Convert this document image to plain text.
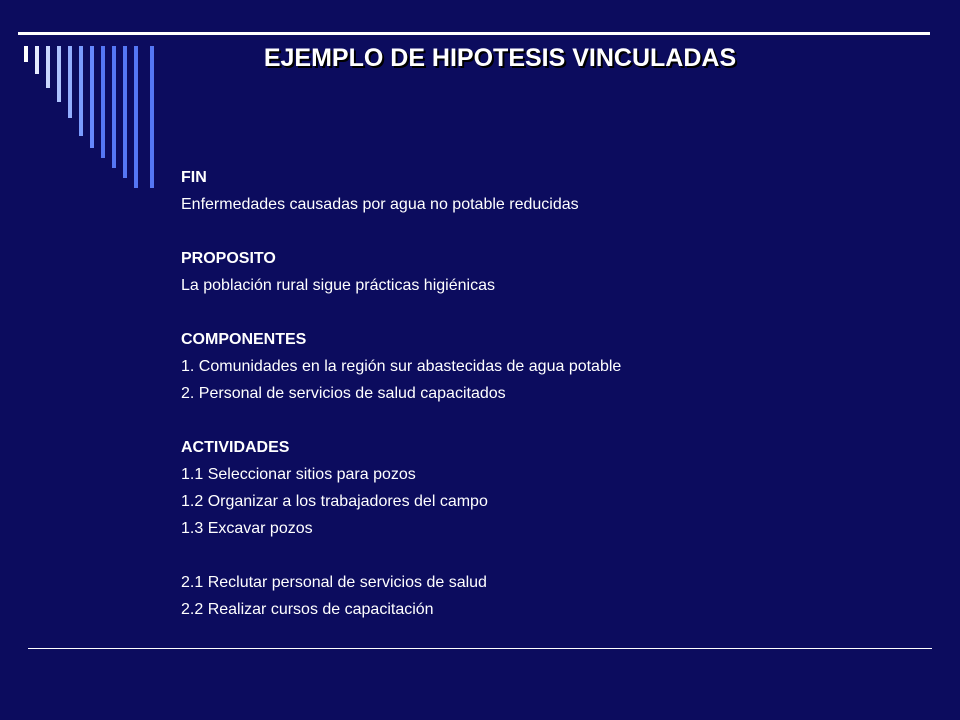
EJEMPLO DE HIPOTESIS VINCULADAS
FIN
Enfermedades causadas por agua no potable reducidas
PROPOSITO
La población rural sigue prácticas higiénicas
COMPONENTES
1. Comunidades en la región sur abastecidas de agua potable
2. Personal de servicios de salud capacitados
ACTIVIDADES
1.1 Seleccionar sitios para pozos
1.2 Organizar a los trabajadores del campo
1.3 Excavar pozos
2.1 Reclutar personal de servicios de salud
2.2 Realizar cursos de capacitación
